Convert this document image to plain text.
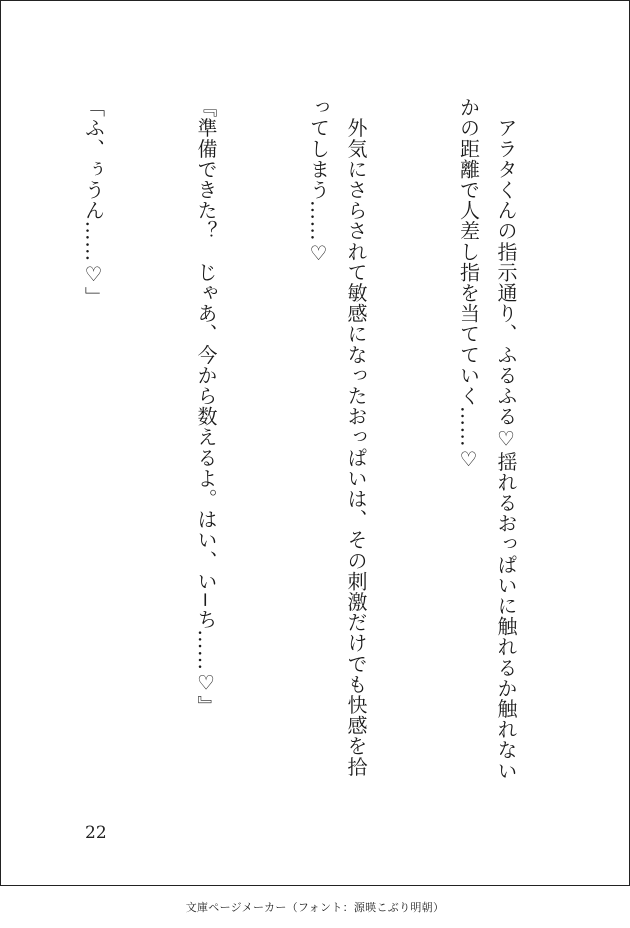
　アラタくんの指示通り、ふるふる♡揺れるおっぱいに触れるか触れないかの距離で人差し指を当てていく……♡

　外気にさらされて敏感になったおっぱいは、その刺激だけでも快感を拾ってしまう……♡

『準備できた？　じゃあ、今から数えるよ。はい、い−ち……♡』

「ふ、ぅうん……♡」

22
文庫ページメーカー（フォント：源暎こぶり明朝）
